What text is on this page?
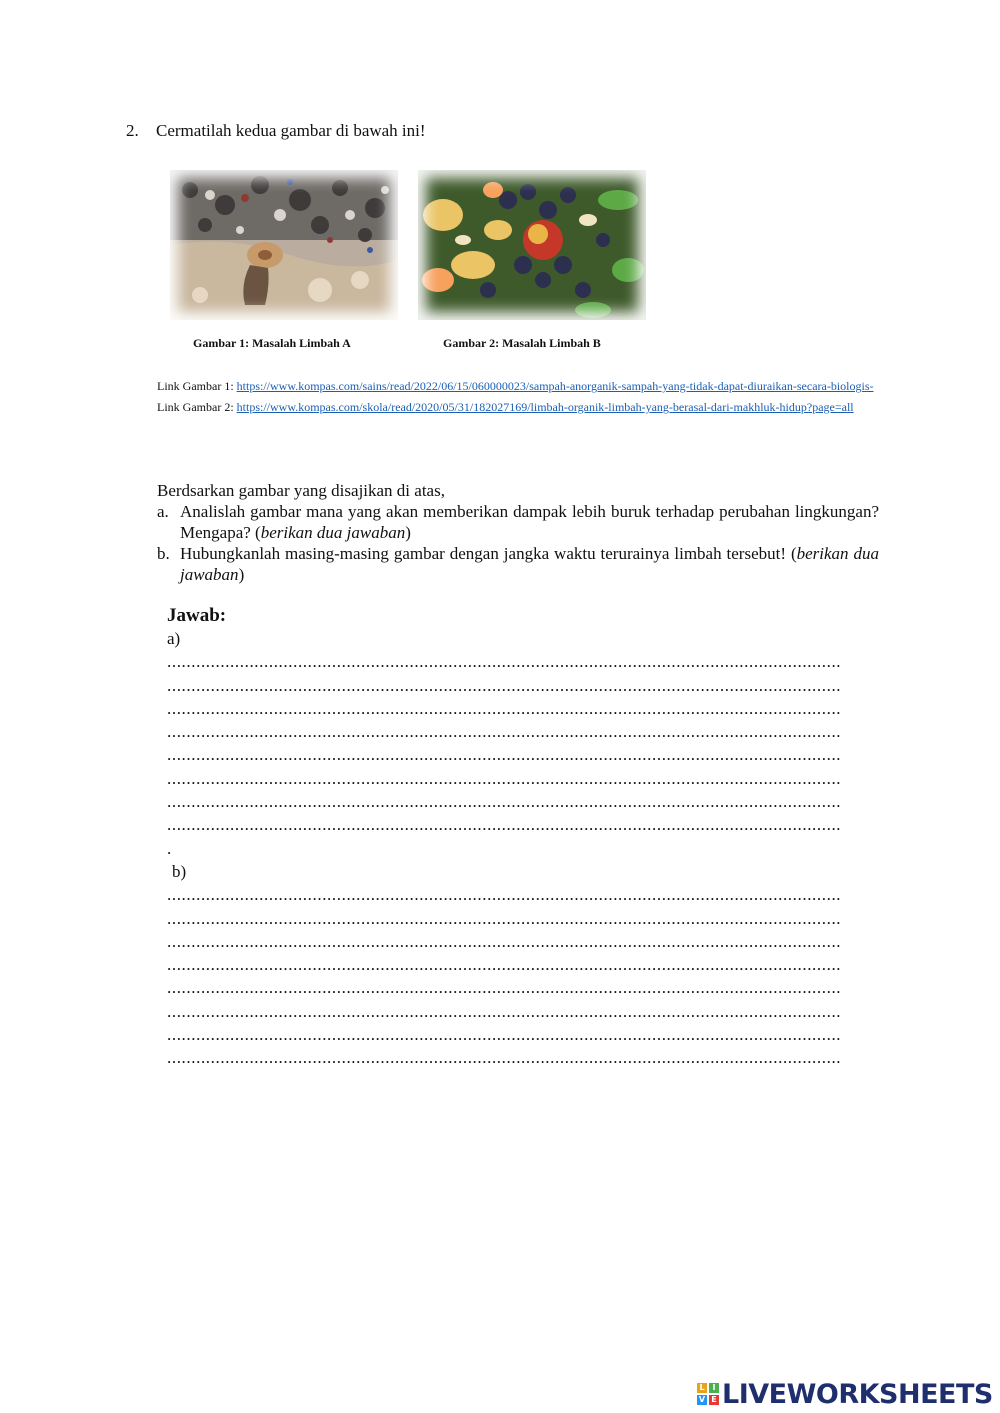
2. Cermatilah kedua gambar di bawah ini!
Gambar 1: Masalah Limbah A	Gambar 2: Masalah Limbah B
Link Gambar 1: https://www.kompas.com/sains/read/2022/06/15/060000023/sampah-anorganik-sampah-yang-tidak-dapat-diuraikan-secara-biologis-
Link Gambar 2: https://www.kompas.com/skola/read/2020/05/31/182027169/limbah-organik-limbah-yang-berasal-dari-makhluk-hidup?page=all
Berdsarkan gambar yang disajikan di atas,
a. Analislah gambar mana yang akan memberikan dampak lebih buruk terhadap perubahan lingkungan? Mengapa? (berikan dua jawaban)
b. Hubungkanlah masing-masing gambar dengan jangka waktu terurainya limbah tersebut! (berikan dua jawaban)
Jawab:
a)
...........................................................................................................................................
...........................................................................................................................................
...........................................................................................................................................
...........................................................................................................................................
...........................................................................................................................................
...........................................................................................................................................
...........................................................................................................................................
...........................................................................................................................................
.
b)
...........................................................................................................................................
...........................................................................................................................................
...........................................................................................................................................
...........................................................................................................................................
...........................................................................................................................................
...........................................................................................................................................
...........................................................................................................................................
...........................................................................................................................................
L I
V E LIVEWORKSHEETS
